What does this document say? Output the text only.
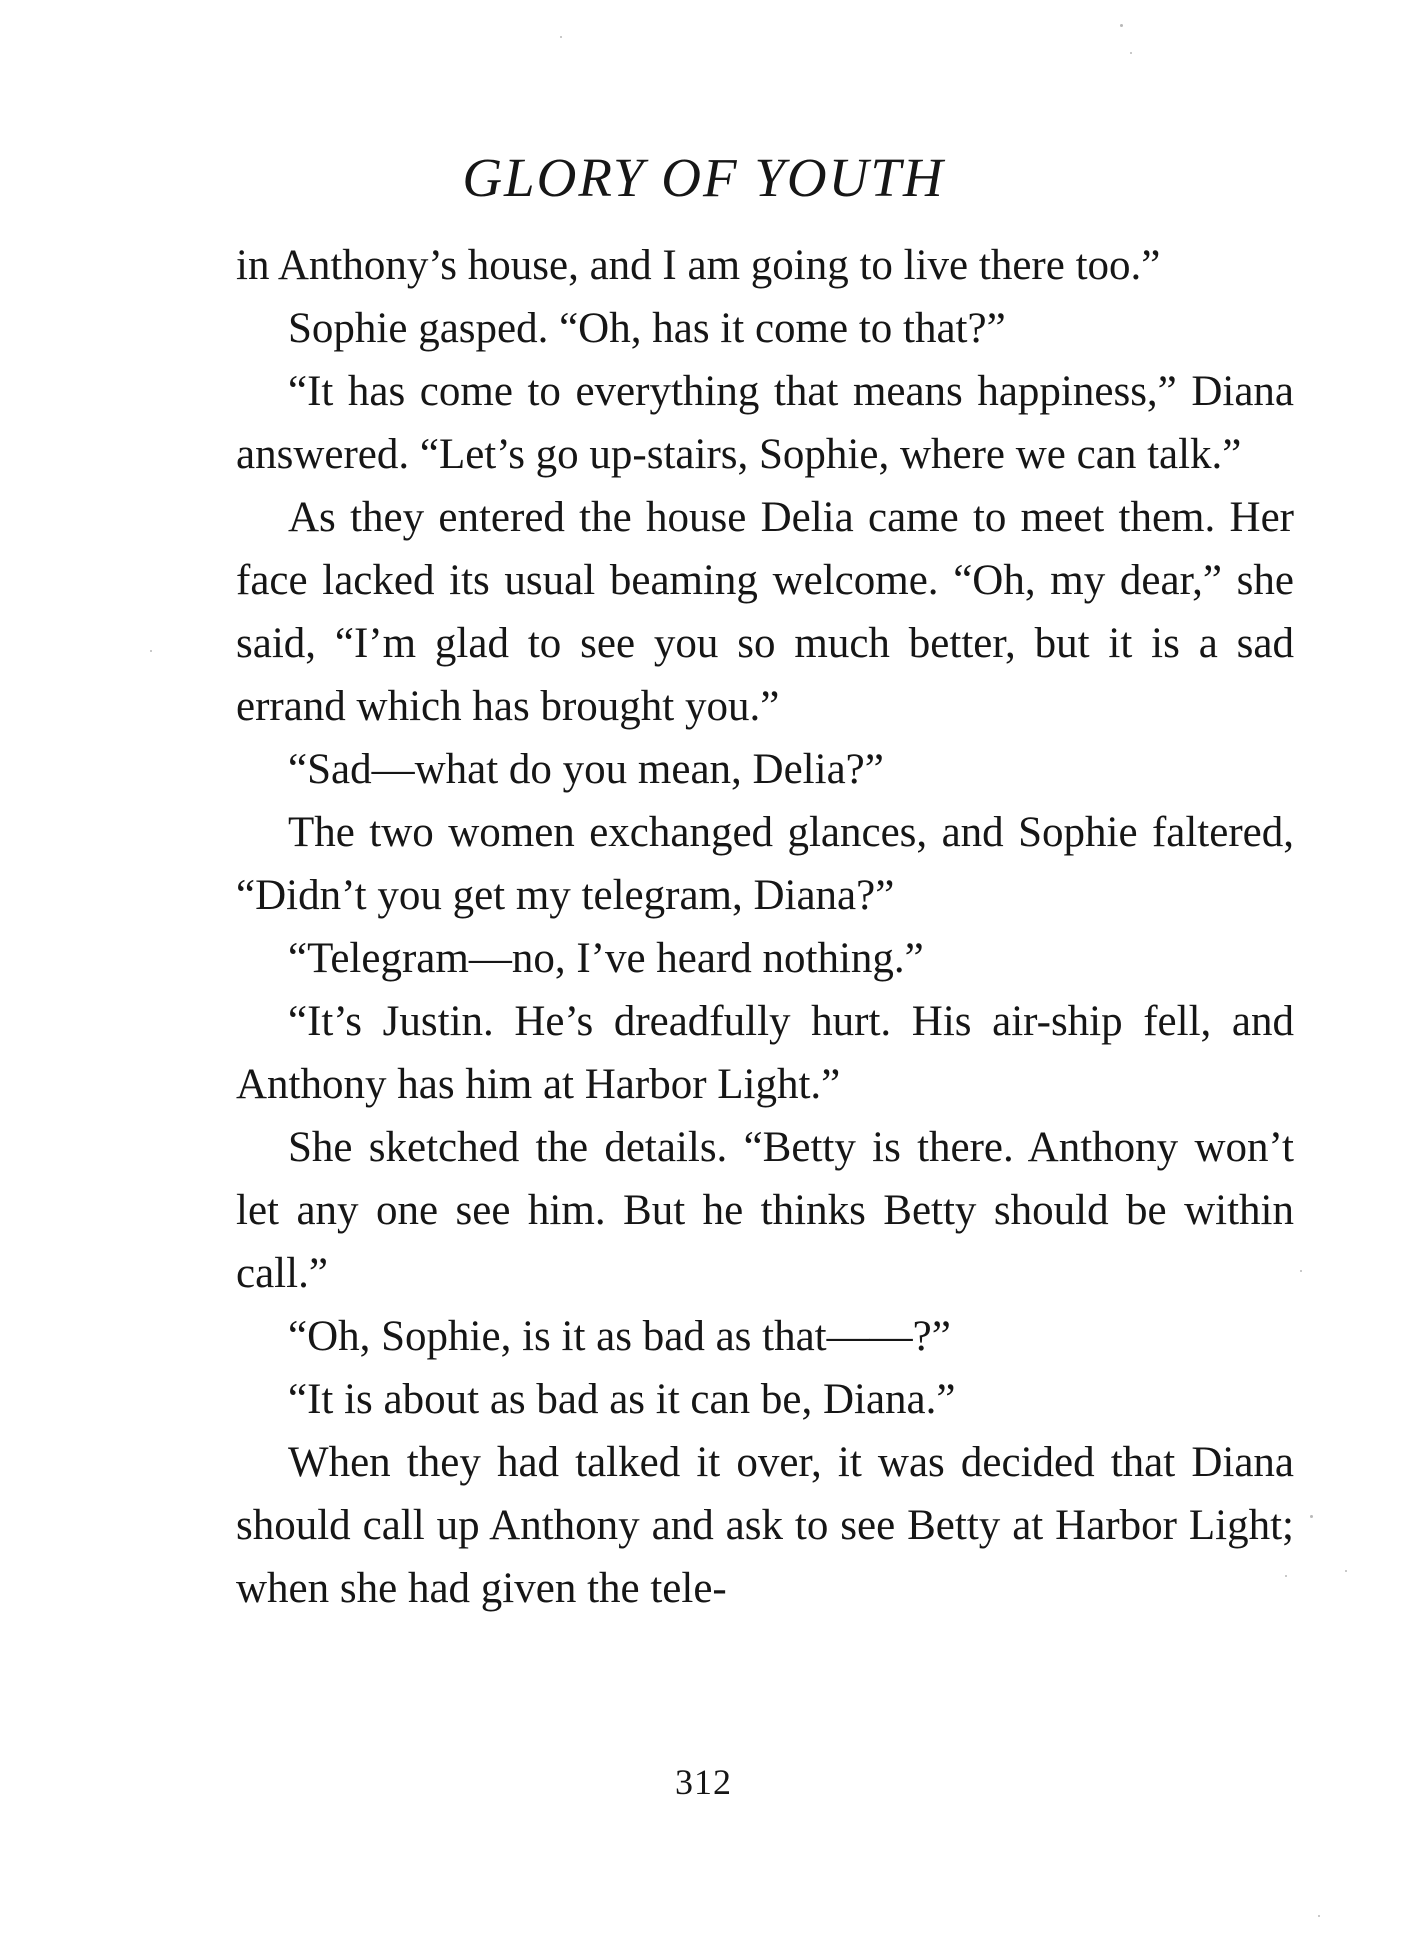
GLORY OF YOUTH

in Anthony’s house, and I am going to live there too.”

Sophie gasped. “Oh, has it come to that?”

“It has come to everything that means happiness,” Diana answered. “Let’s go up-stairs, Sophie, where we can talk.”

As they entered the house Delia came to meet them. Her face lacked its usual beaming welcome. “Oh, my dear,” she said, “I’m glad to see you so much better, but it is a sad errand which has brought you.”

“Sad—what do you mean, Delia?”

The two women exchanged glances, and Sophie faltered, “Didn’t you get my telegram, Diana?”

“Telegram—no, I’ve heard nothing.”

“It’s Justin. He’s dreadfully hurt. His air-ship fell, and Anthony has him at Harbor Light.”

She sketched the details. “Betty is there. Anthony won’t let any one see him. But he thinks Betty should be within call.”

“Oh, Sophie, is it as bad as that——?”

“It is about as bad as it can be, Diana.”

When they had talked it over, it was decided that Diana should call up Anthony and ask to see Betty at Harbor Light; when she had given the tele-

312
